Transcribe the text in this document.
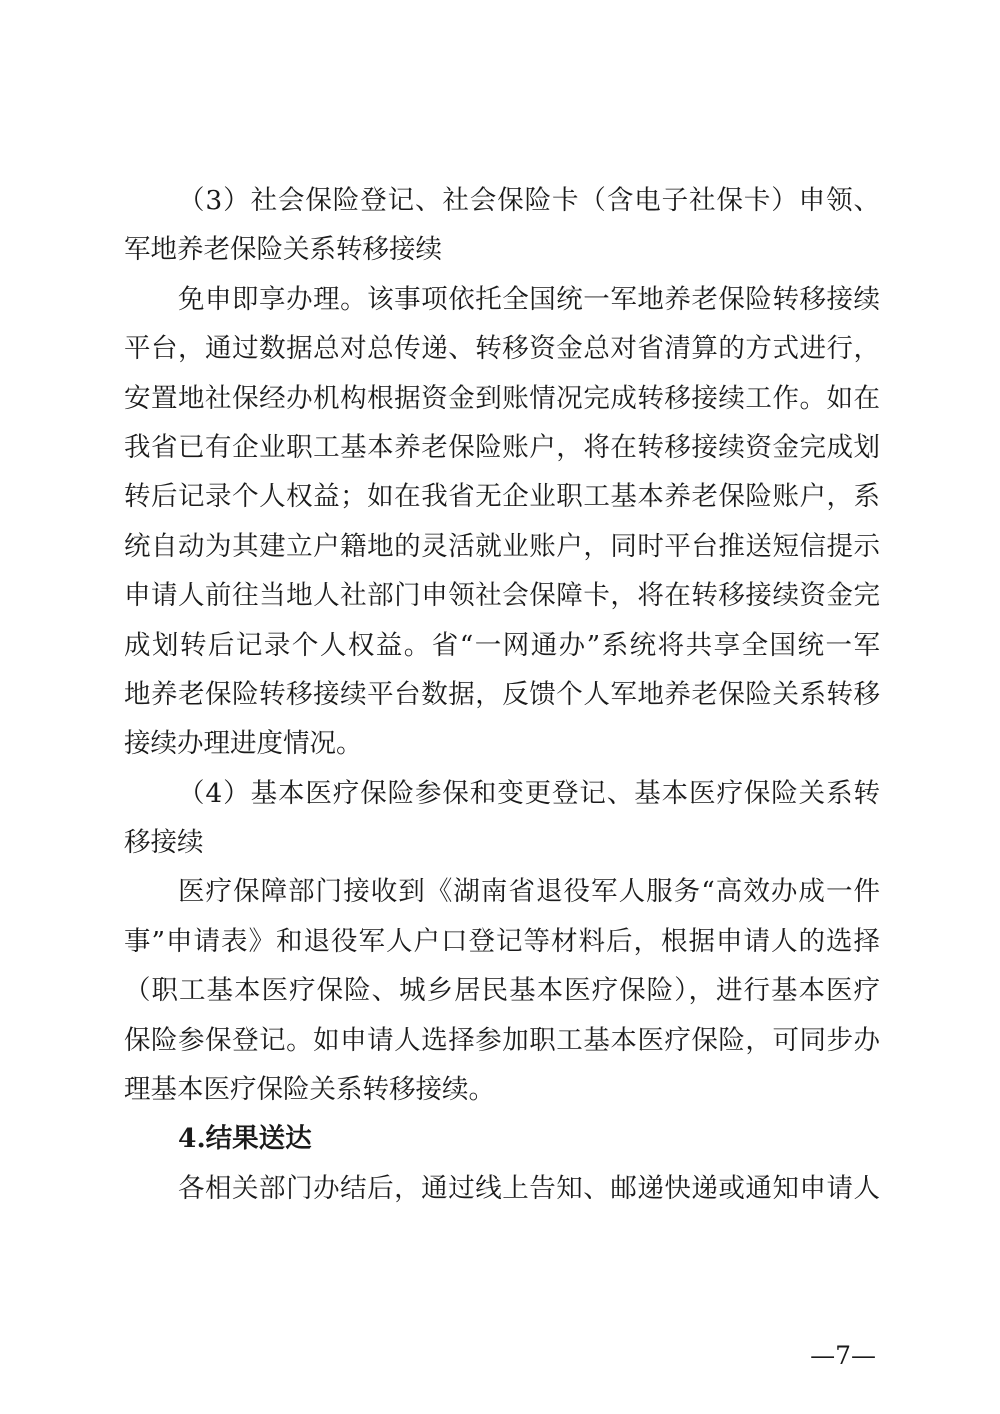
（3）社会保险登记、社会保险卡（含电子社保卡）申领、
军地养老保险关系转移接续
免申即享办理。该事项依托全国统一军地养老保险转移接续
平台，通过数据总对总传递、转移资金总对省清算的方式进行，
安置地社保经办机构根据资金到账情况完成转移接续工作。如在
我省已有企业职工基本养老保险账户，将在转移接续资金完成划
转后记录个人权益；如在我省无企业职工基本养老保险账户，系
统自动为其建立户籍地的灵活就业账户，同时平台推送短信提示
申请人前往当地人社部门申领社会保障卡，将在转移接续资金完
成划转后记录个人权益。省“一网通办”系统将共享全国统一军
地养老保险转移接续平台数据，反馈个人军地养老保险关系转移
接续办理进度情况。
（4）基本医疗保险参保和变更登记、基本医疗保险关系转
移接续
医疗保障部门接收到《湖南省退役军人服务“高效办成一件
事”申请表》和退役军人户口登记等材料后，根据申请人的选择
（职工基本医疗保险、城乡居民基本医疗保险），进行基本医疗
保险参保登记。如申请人选择参加职工基本医疗保险，可同步办
理基本医疗保险关系转移接续。
4.结果送达
各相关部门办结后，通过线上告知、邮递快递或通知申请人
—7—
